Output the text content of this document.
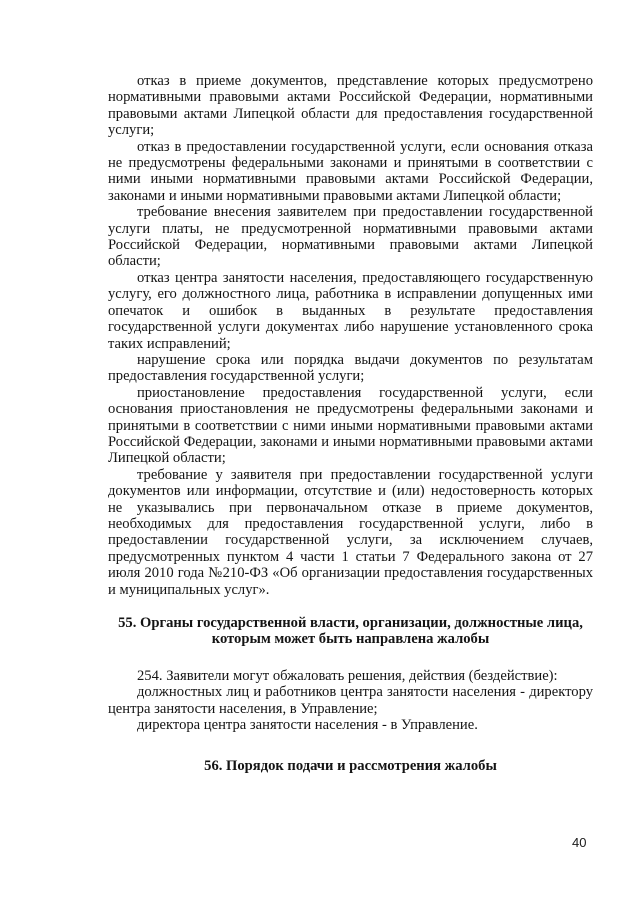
отказ в приеме документов, представление которых предусмотрено нормативными правовыми актами Российской Федерации, нормативными правовыми актами Липецкой области для предоставления государственной услуги;

отказ в предоставлении государственной услуги, если основания отказа не предусмотрены федеральными законами и принятыми в соответствии с ними иными нормативными правовыми актами Российской Федерации, законами и иными нормативными правовыми актами Липецкой области;

требование внесения заявителем при предоставлении государственной услуги платы, не предусмотренной нормативными правовыми актами Российской Федерации, нормативными правовыми актами Липецкой области;

отказ центра занятости населения, предоставляющего государственную услугу, его должностного лица, работника в исправлении допущенных ими опечаток и ошибок в выданных в результате предоставления государственной услуги документах либо нарушение установленного срока таких исправлений;

нарушение срока или порядка выдачи документов по результатам предоставления государственной услуги;

приостановление предоставления государственной услуги, если основания приостановления не предусмотрены федеральными законами и принятыми в соответствии с ними иными нормативными правовыми актами Российской Федерации, законами и иными нормативными правовыми актами Липецкой области;

требование у заявителя при предоставлении государственной услуги документов или информации, отсутствие и (или) недостоверность которых не указывались при первоначальном отказе в приеме документов, необходимых для предоставления государственной услуги, либо в предоставлении государственной услуги, за исключением случаев, предусмотренных пунктом 4 части 1 статьи 7 Федерального закона от 27 июля 2010 года №210-ФЗ «Об организации предоставления государственных и муниципальных услуг».

55. Органы государственной власти, организации, должностные лица, которым может быть направлена жалобы

254. Заявители могут обжаловать решения, действия (бездействие):

должностных лиц и работников центра занятости населения - директору центра занятости населения, в Управление;

директора центра занятости населения - в Управление.

56. Порядок подачи и рассмотрения жалобы

40
